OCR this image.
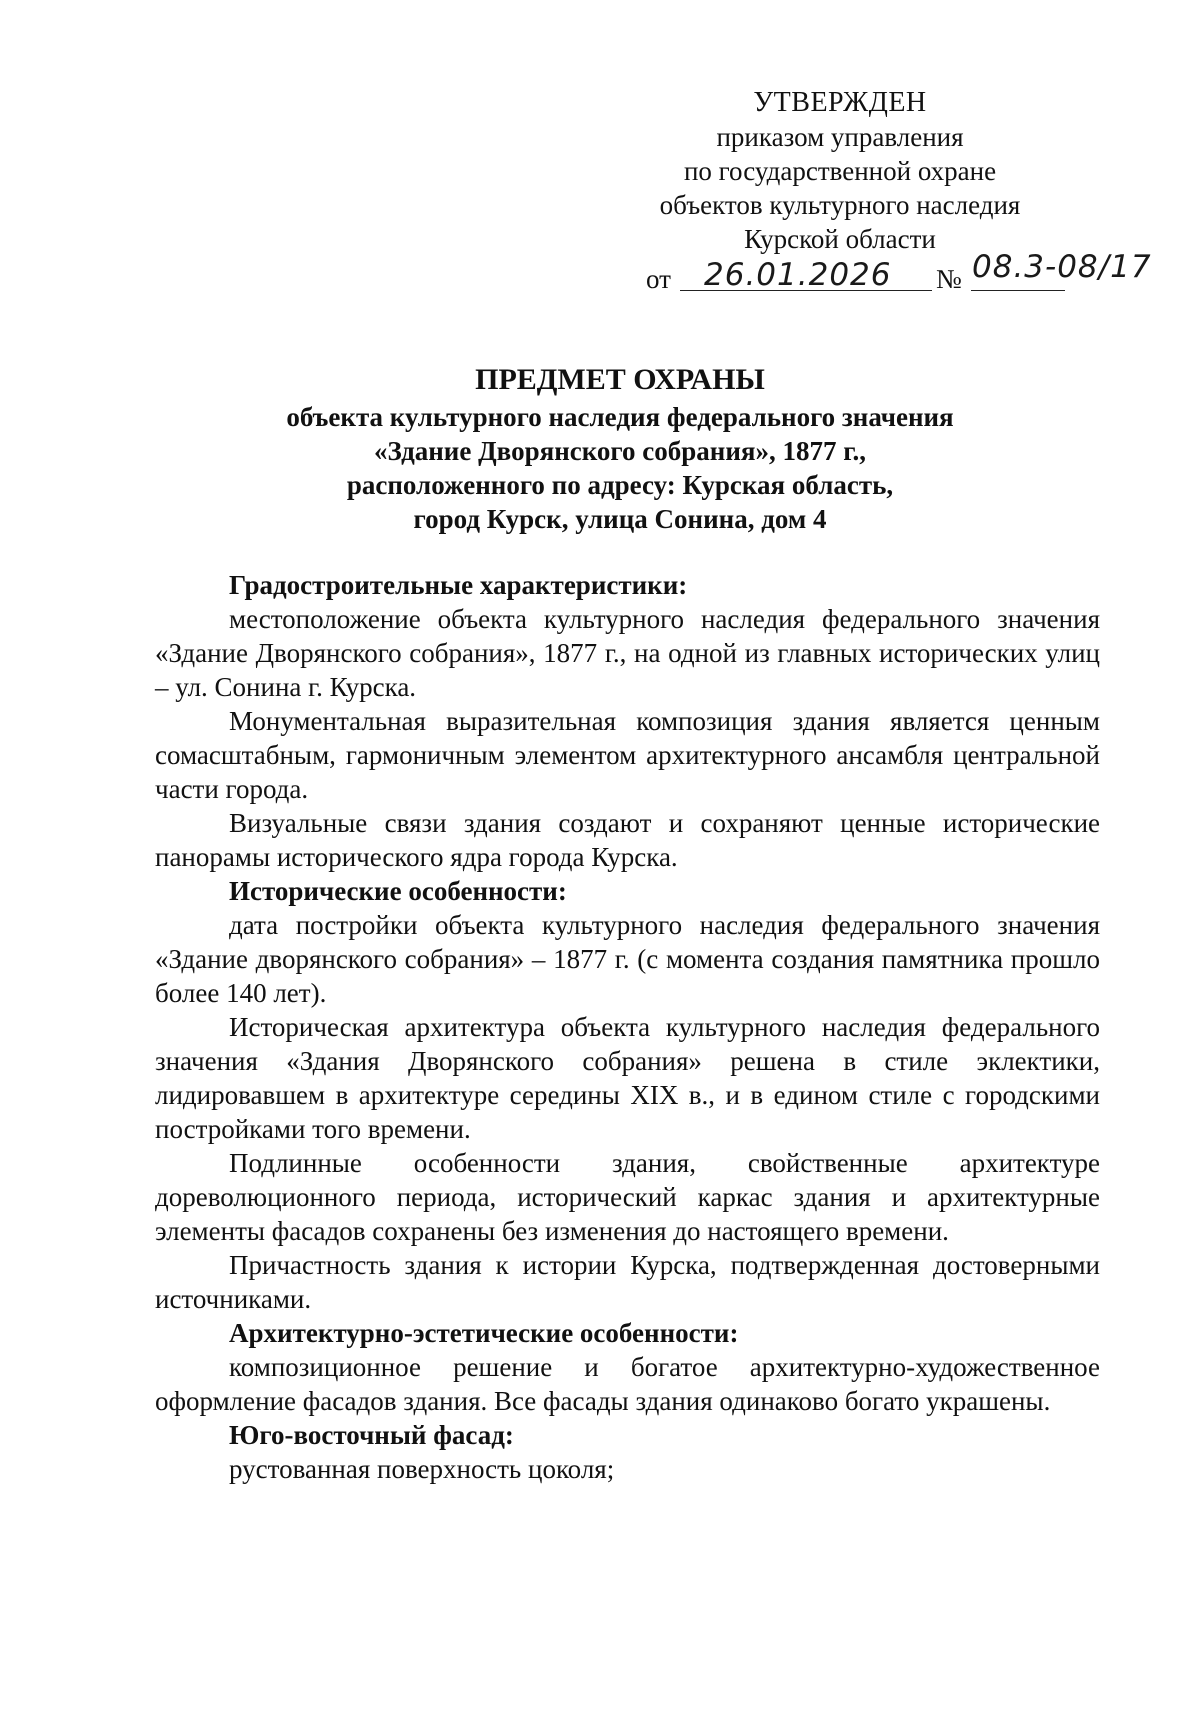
УТВЕРЖДЕН
приказом управления
по государственной охране
объектов культурного наследия
Курской области
от 26.01.2026	№ 08.3-08/17
ПРЕДМЕТ ОХРАНЫ
объекта культурного наследия федерального значения
«Здание Дворянского собрания», 1877 г.,
расположенного по адресу: Курская область,
город Курск, улица Сонина, дом 4

Градостроительные характеристики:

местоположение объекта культурного наследия федерального значения «Здание Дворянского собрания», 1877 г., на одной из главных исторических улиц – ул. Сонина г. Курска.

Монументальная выразительная композиция здания является ценным сомасштабным, гармоничным элементом архитектурного ансамбля центральной части города.

Визуальные связи здания создают и сохраняют ценные исторические панорамы исторического ядра города Курска.

Исторические особенности:

дата постройки объекта культурного наследия федерального значения «Здание дворянского собрания» – 1877 г. (с момента создания памятника прошло более 140 лет).

Историческая архитектура объекта культурного наследия федерального значения «Здания Дворянского собрания» решена в стиле эклектики, лидировавшем в архитектуре середины XIX в., и в едином стиле с городскими постройками того времени.

Подлинные особенности здания, свойственные архитектуре дореволюционного периода, исторический каркас здания и архитектурные элементы фасадов сохранены без изменения до настоящего времени.

Причастность здания к истории Курска, подтвержденная достоверными источниками.

Архитектурно-эстетические особенности:

композиционное решение и богатое архитектурно-художественное оформление фасадов здания. Все фасады здания одинаково богато украшены.

Юго-восточный фасад:

рустованная поверхность цоколя;
